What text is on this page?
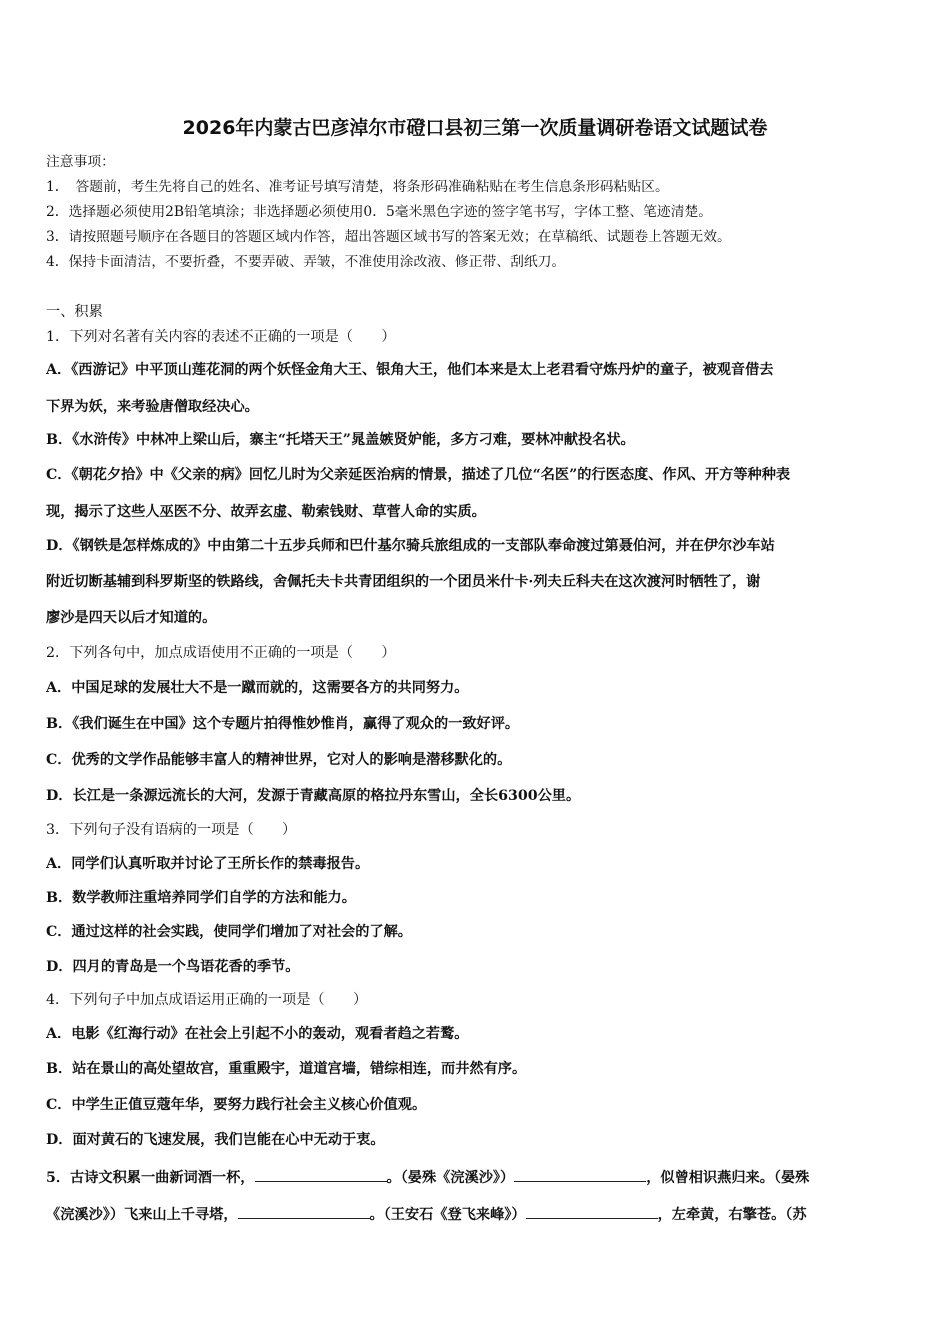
2026年内蒙古巴彦淖尔市磴口县初三第一次质量调研卷语文试题试卷
注意事项：
1．　答题前，考生先将自己的姓名、准考证号填写清楚，将条形码准确粘贴在考生信息条形码粘贴区。
2．选择题必须使用2B铅笔填涂；非选择题必须使用0．5毫米黑色字迹的签字笔书写，字体工整、笔迹清楚。
3．请按照题号顺序在各题目的答题区域内作答，超出答题区域书写的答案无效；在草稿纸、试题卷上答题无效。
4．保持卡面清洁，不要折叠，不要弄破、弄皱，不准使用涂改液、修正带、刮纸刀。
一、积累
1．下列对名著有关内容的表述不正确的一项是（　　）
A．《西游记》中平顶山莲花洞的两个妖怪金角大王、银角大王，他们本来是太上老君看守炼丹炉的童子，被观音借去
下界为妖，来考验唐僧取经决心。
B．《水浒传》中林冲上梁山后，寨主“托塔天王”晁盖嫉贤妒能，多方刁难，要林冲献投名状。
C．《朝花夕拾》中《父亲的病》回忆儿时为父亲延医治病的情景，描述了几位“名医”的行医态度、作风、开方等种种表
现，揭示了这些人巫医不分、故弄玄虚、勒索钱财、草菅人命的实质。
D．《钢铁是怎样炼成的》中由第二十五步兵师和巴什基尔骑兵旅组成的一支部队奉命渡过第聂伯河，并在伊尔沙车站
附近切断基辅到科罗斯坚的铁路线，舍佩托夫卡共青团组织的一个团员米什卡·列夫丘科夫在这次渡河时牺牲了，谢
廖沙是四天以后才知道的。
2．下列各句中，加点成语使用不正确的一项是（　　）
A．中国足球的发展壮大不是一蹴而就的，这需要各方的共同努力。
B．《我们诞生在中国》这个专题片拍得惟妙惟肖，赢得了观众的一致好评。
C．优秀的文学作品能够丰富人的精神世界，它对人的影响是潜移默化的。
D．长江是一条源远流长的大河，发源于青藏高原的格拉丹东雪山，全长6300公里。
3．下列句子没有语病的一项是（　　）
A．同学们认真听取并讨论了王所长作的禁毒报告。
B．数学教师注重培养同学们自学的方法和能力。
C．通过这样的社会实践，使同学们增加了对社会的了解。
D．四月的青岛是一个鸟语花香的季节。
4．下列句子中加点成语运用正确的一项是（　　）
A．电影《红海行动》在社会上引起不小的轰动，观看者趋之若鹜。
B．站在景山的高处望故宫，重重殿宇，道道宫墙，错综相连，而井然有序。
C．中学生正值豆蔻年华，要努力践行社会主义核心价值观。
D．面对黄石的飞速发展，我们岂能在心中无动于衷。
5．古诗文积累一曲新词酒一杯，	。（晏殊《浣溪沙》）	，似曾相识燕归来。（晏殊
《浣溪沙》）飞来山上千寻塔，	。（王安石《登飞来峰》）	，左牵黄，右擎苍。（苏
